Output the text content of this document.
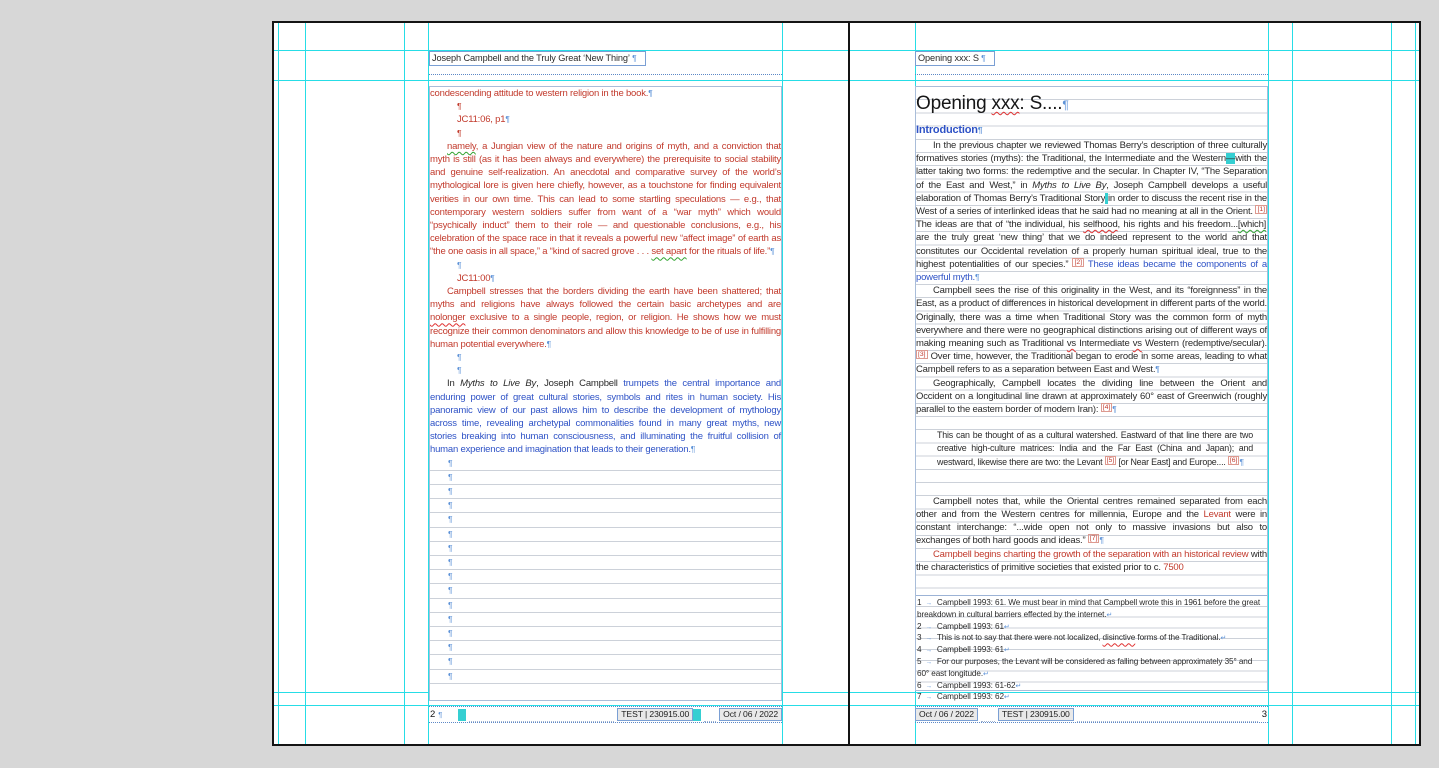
Joseph Campbell and the Truly Great ‘New Thing’ ¶
condescending attitude to western religion in the book.¶
¶
JC11:06, p1¶
¶
namely, a Jungian view of the nature and origins of myth, and a conviction that myth is still (as it has been always and everywhere) the prerequisite to social stability and genuine self-realization. An anecdotal and comparative survey of the world’s mythological lore is given here chiefly, however, as a touchstone for finding equivalent verities in our own time. This can lead to some startling speculations — e.g., that contemporary western soldiers suffer from want of a “war myth” which would “psychically induct” them to their role — and questionable conclusions, e.g., his celebration of the space race in that it reveals a powerful new “affect image” of earth as “the one oasis in all space,” a “kind of sacred grove . . . set apart for the rituals of life.”¶
¶
JC11:00¶
Campbell stresses that the borders dividing the earth have been shattered; that myths and religions have always followed the certain basic archetypes and are nolonger exclusive to a single people, region, or religion. He shows how we must recognize their common denominators and allow this knowledge to be of use in fulfilling human potential everywhere.¶
¶
¶
In Myths to Live By, Joseph Campbell trumpets the central importance and enduring power of great cultural stories, symbols and rites in human society. His panoramic view of our past allows him to describe the development of mythology across time, revealing archetypal commonalities found in many great myths, new stories breaking into human consciousness, and illuminating the fruitful collision of human experience and imagination that leads to their generation.¶
¶
¶
¶
¶
¶
¶
¶
¶
¶
¶
¶
¶
¶
¶
¶
¶
2 ¶	TEST | 230915.00	Oct / 06 / 2022
Opening xxx: S ¶
Opening xxx: S....¶
Introduction¶
In the previous chapter we reviewed Thomas Berry’s description of three culturally formatives stories (myths): the Traditional, the Intermediate and the Western—with the latter taking two forms: the redemptive and the secular. In Chapter IV, “The Separation of the East and West,” in Myths to Live By, Joseph Campbell develops a useful elaboration of Thomas Berry’s Traditional Story in order to discuss the recent rise in the West of a series of interlinked ideas that he said had no meaning at all in the Orient. [1] The ideas are that of “the individual, his selfhood, his rights and his freedom...[which] are the truly great ‘new thing’ that we do indeed represent to the world and that constitutes our Occidental revelation of a properly human spiritual ideal, true to the highest potentialities of our species.” [2] These ideas became the components of a powerful myth.¶
Campbell sees the rise of this originality in the West, and its “foreignness” in the East, as a product of differences in historical development in different parts of the world. Originally, there was a time when Traditional Story was the common form of myth everywhere and there were no geographical distinctions arising out of different ways of making meaning such as Traditional vs Intermediate vs Western (redemptive/secular). [3] Over time, however, the Traditional began to erode in some areas, leading to what Campbell refers to as a separation between East and West.¶
Geographically, Campbell locates the dividing line between the Orient and Occident on a longitudinal line drawn at approximately 60° east of Greenwich (roughly parallel to the eastern border of modern Iran): [4] ¶
This can be thought of as a cultural watershed. Eastward of that line there are two creative high-culture matrices: India and the Far East (China and Japan); and westward, likewise there are two: the Levant [5] [or Near East] and Europe.... [6] ¶
Campbell notes that, while the Oriental centres remained separated from each other and from the Western centres for millennia, Europe and the Levant were in constant interchange: “...wide open not only to massive invasions but also to exchanges of both hard goods and ideas.” [7] ¶
Campbell begins charting the growth of the separation with an historical review with the characteristics of primitive societies that existed prior to c. 7500
1 → Campbell 1993: 61. We must bear in mind that Campbell wrote this in 1961 before the great breakdown in cultural barriers effected by the internet.↵
2 → Campbell 1993: 61↵
3 → This is not to say that there were not localized, disinctive forms of the Traditional.↵
4 → Campbell 1993: 61↵
5 → For our purposes, the Levant will be considered as falling between approximately 35° and 60° east longitude.↵
6 → Campbell 1993: 61-62↵
7 → Campbell 1993: 62↵
Oct / 06 / 2022	TEST | 230915.00	3
